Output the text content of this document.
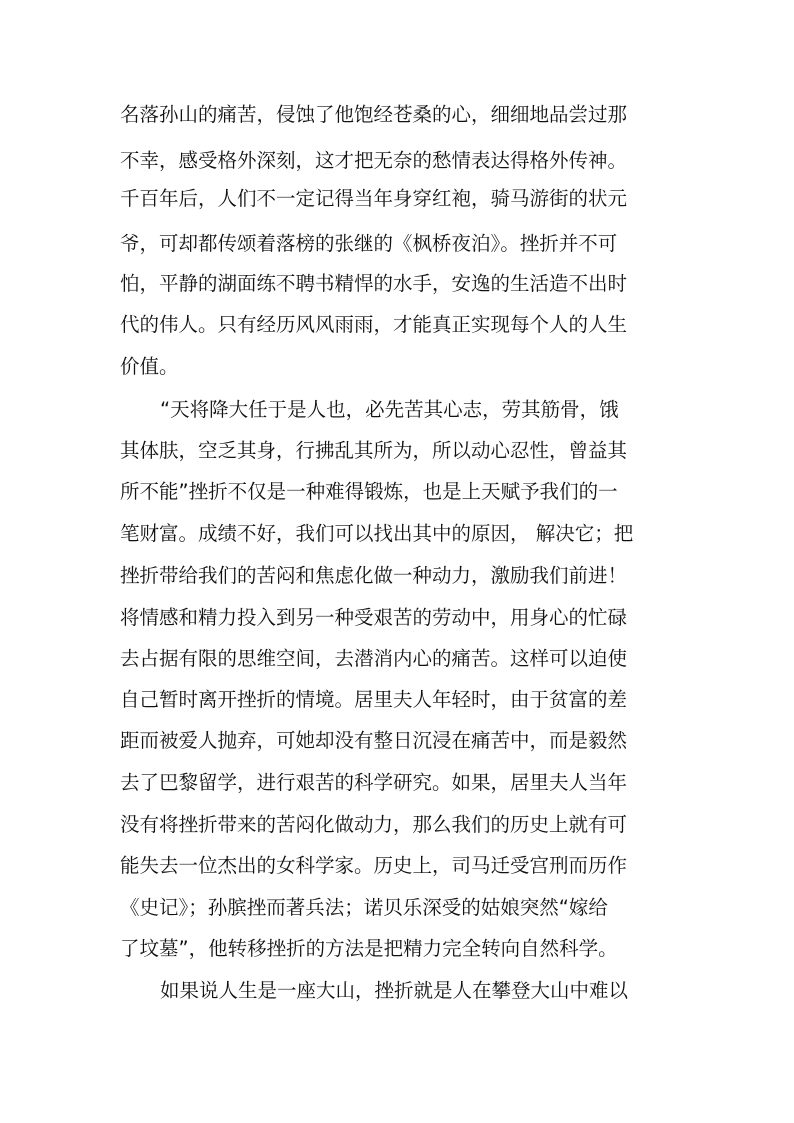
名落孙山的痛苦，侵蚀了他饱经苍桑的心，细细地品尝过那
不幸，感受格外深刻，这才把无奈的愁情表达得格外传神。
千百年后，人们不一定记得当年身穿红袍，骑马游街的状元
爷，可却都传颂着落榜的张继的《枫桥夜泊》。挫折并不可
怕，平静的湖面练不聘书精悍的水手，安逸的生活造不出时
代的伟人。只有经历风风雨雨，才能真正实现每个人的人生
价值。
“天将降大任于是人也，必先苦其心志，劳其筋骨，饿
其体肤，空乏其身，行拂乱其所为，所以动心忍性，曾益其
所不能”挫折不仅是一种难得锻炼，也是上天赋予我们的一
笔财富。成绩不好，我们可以找出其中的原因， 解决它；把
挫折带给我们的苦闷和焦虑化做一种动力，激励我们前进！
将情感和精力投入到另一种受艰苦的劳动中，用身心的忙碌
去占据有限的思维空间，去潜消内心的痛苦。这样可以迫使
自己暂时离开挫折的情境。居里夫人年轻时，由于贫富的差
距而被爱人抛弃，可她却没有整日沉浸在痛苦中，而是毅然
去了巴黎留学，进行艰苦的科学研究。如果，居里夫人当年
没有将挫折带来的苦闷化做动力，那么我们的历史上就有可
能失去一位杰出的女科学家。历史上，司马迁受宫刑而历作
《史记》；孙膑挫而著兵法；诺贝乐深受的姑娘突然“嫁给
了坟墓”，他转移挫折的方法是把精力完全转向自然科学。
如果说人生是一座大山，挫折就是人在攀登大山中难以
